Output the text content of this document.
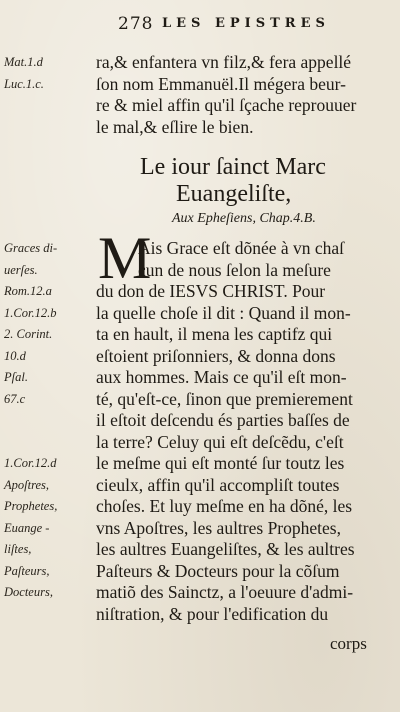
278 LES EPISTRES
Mat.1.d
Luc.1.c.
ra,& enfantera vn filz,& fera appellé
ſon nom Emmanuël.Il mégera beur-
re & miel affin qu'il ſçache reprouuer
le mal,& eſlire le bien.
Le iour ſainct Marc
Euangeliſte,
Aux Epheſiens, Chap.4.B.
M
Graces di-
uerſes.
Rom.12.a
1.Cor.12.b
2. Corint.
10.d
Pſal.
67.c
1.Cor.12.d
Apoſtres,
Prophetes,
Euange -
liſtes,
Paſteurs,
Docteurs,
Ais Grace eſt dõnée à vn chaſ
cun de nous ſelon la meſure
du don de IESVS CHRIST. Pour
la quelle choſe il dit : Quand il mon-
ta en hault, il mena les captifz qui
eſtoient priſonniers, & donna dons
aux hommes. Mais ce qu'il eſt mon-
té, qu'eſt-ce, ſinon que premierement
il eſtoit deſcendu és parties baſſes de
la terre? Celuy qui eſt deſcẽdu, c'eſt
le meſme qui eſt monté ſur toutz les
cieulx, affin qu'il accompliſt toutes
choſes. Et luy meſme en ha dõné, les
vns Apoſtres, les aultres Prophetes,
les aultres Euangeliſtes, & les aultres
Paſteurs & Docteurs pour la cõſum
matiõ des Sainctz, a l'oeuure d'admi-
niſtration, & pour l'edification du
corps
